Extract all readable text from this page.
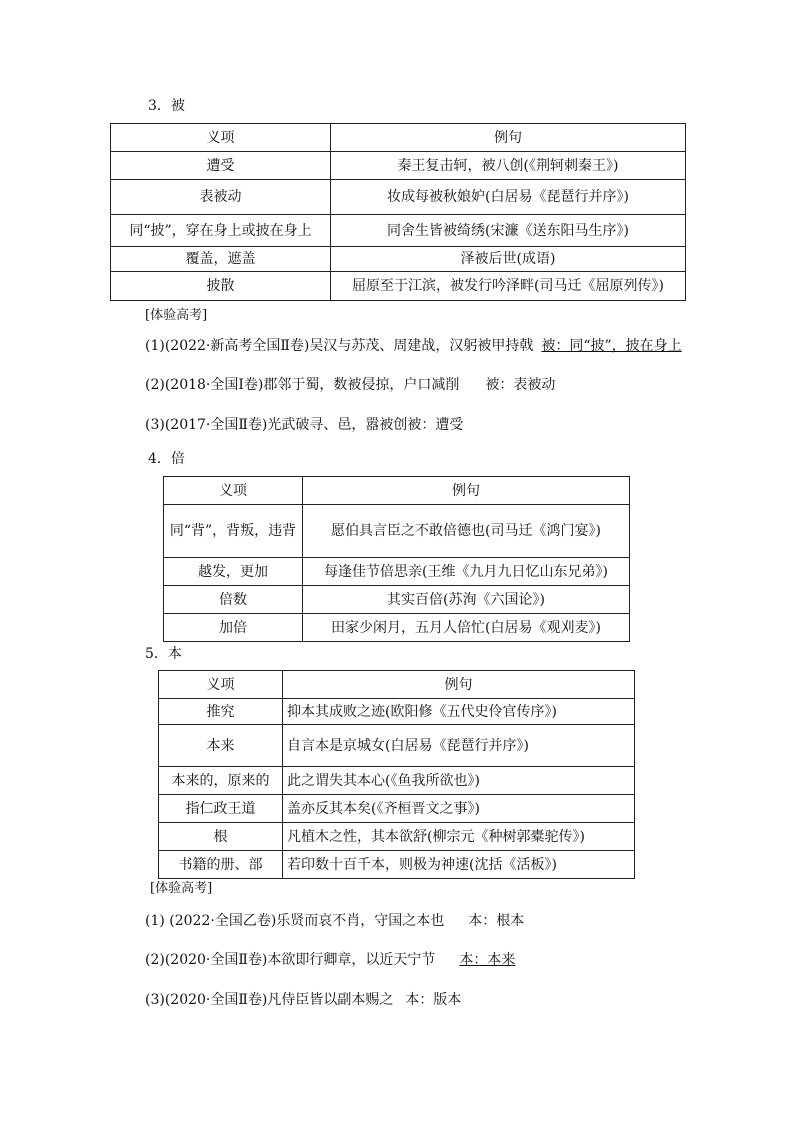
3．被
义项	例句
遭受	秦王复击轲，被八创(《荆轲刺秦王》)
表被动	妆成每被秋娘妒(白居易《琵琶行并序》)
同“披”，穿在身上或披在身上	同舍生皆被绮绣(宋濂《送东阳马生序》)
覆盖，遮盖	泽被后世(成语)
披散	屈原至于江滨，被发行吟泽畔(司马迁《屈原列传》)
[体验高考]
(1)(2022·新高考全国Ⅱ卷)吴汉与苏茂、周建战，汉躬被甲持戟 被：同“披”，披在身上
(2)(2018·全国Ⅰ卷)郡邻于蜀，数被侵掠，户口减削 被：表被动
(3)(2017·全国Ⅱ卷)光武破寻、邑，嚣被创被：遭受
4．倍
义项	例句
同“背”，背叛，违背	愿伯具言臣之不敢倍德也(司马迁《鸿门宴》)
越发，更加	每逢佳节倍思亲(王维《九月九日忆山东兄弟》)
倍数	其实百倍(苏洵《六国论》)
加倍	田家少闲月，五月人倍忙(白居易《观刈麦》)
5．本
义项	例句
推究	抑本其成败之迹(欧阳修《五代史伶官传序》)
本来	自言本是京城女(白居易《琵琶行并序》)
本来的，原来的	此之谓失其本心(《鱼我所欲也》)
指仁政王道	盖亦反其本矣(《齐桓晋文之事》)
根	凡植木之性，其本欲舒(柳宗元《种树郭橐驼传》)
书籍的册、部	若印数十百千本，则极为神速(沈括《活板》)
[体验高考]
(1) (2022·全国乙卷)乐贤而哀不肖，守国之本也 本：根本
(2)(2020·全国Ⅱ卷)本欲即行卿章，以近天宁节 本：本来
(3)(2020·全国Ⅱ卷)凡侍臣皆以副本赐之 本：版本
